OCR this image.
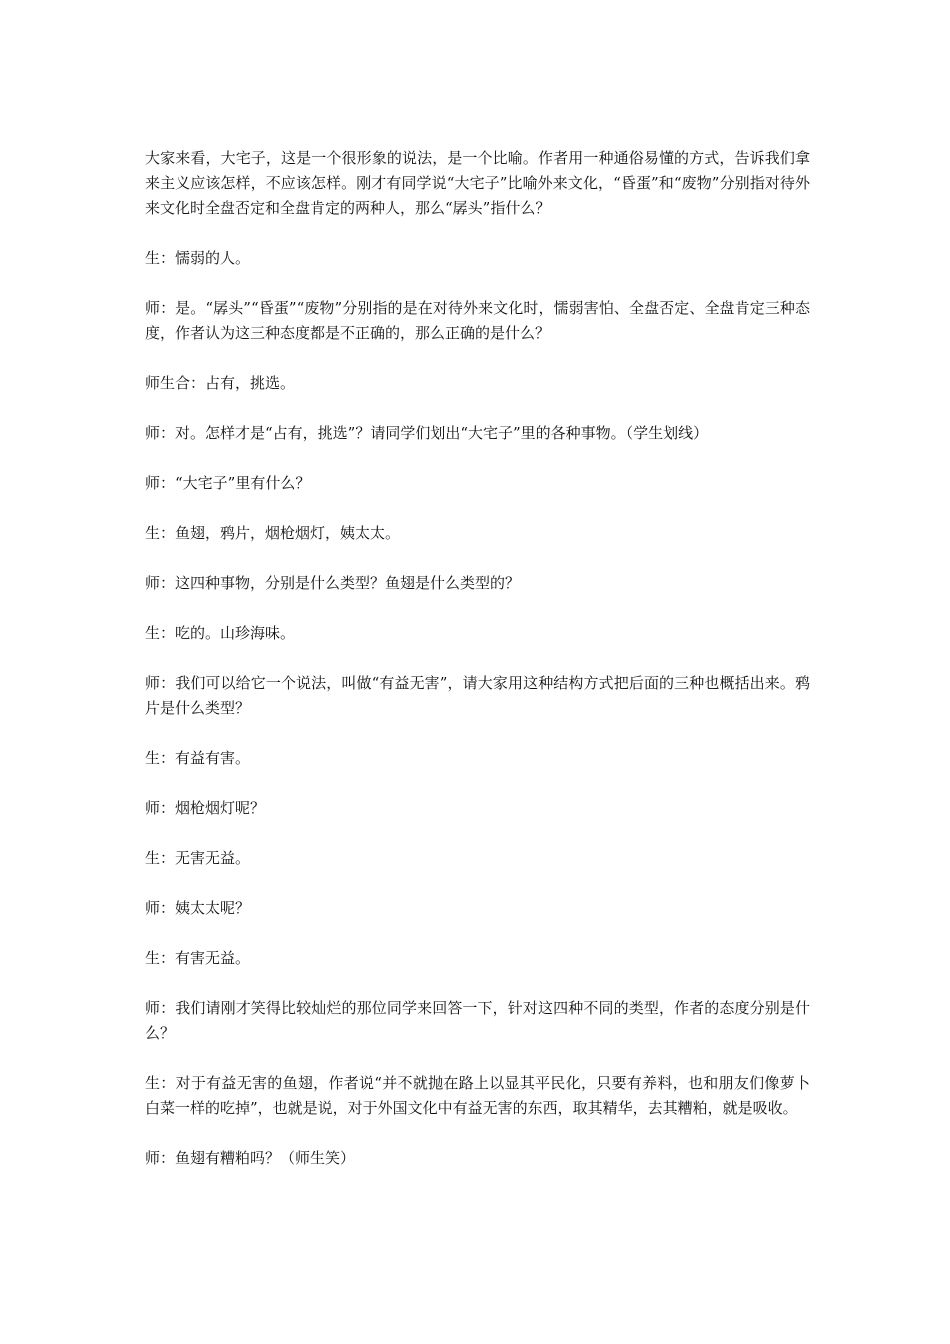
大家来看，大宅子，这是一个很形象的说法，是一个比喻。作者用一种通俗易懂的方式，告诉我们拿来主义应该怎样，不应该怎样。刚才有同学说“大宅子”比喻外来文化，“昏蛋”和“废物”分别指对待外来文化时全盘否定和全盘肯定的两种人，那么“孱头”指什么？

生：懦弱的人。

师：是。“孱头”“昏蛋”“废物”分别指的是在对待外来文化时，懦弱害怕、全盘否定、全盘肯定三种态度，作者认为这三种态度都是不正确的，那么正确的是什么？

师生合：占有，挑选。

师：对。怎样才是“占有，挑选”？请同学们划出“大宅子”里的各种事物。（学生划线）

师：“大宅子”里有什么？

生：鱼翅，鸦片，烟枪烟灯，姨太太。

师：这四种事物，分别是什么类型？鱼翅是什么类型的？

生：吃的。山珍海味。

师：我们可以给它一个说法，叫做“有益无害”，请大家用这种结构方式把后面的三种也概括出来。鸦片是什么类型？

生：有益有害。

师：烟枪烟灯呢？

生：无害无益。

师：姨太太呢？

生：有害无益。

师：我们请刚才笑得比较灿烂的那位同学来回答一下，针对这四种不同的类型，作者的态度分别是什么？

生：对于有益无害的鱼翅，作者说“并不就抛在路上以显其平民化，只要有养料，也和朋友们像萝卜白菜一样的吃掉”，也就是说，对于外国文化中有益无害的东西，取其精华，去其糟粕，就是吸收。

师：鱼翅有糟粕吗？（师生笑）
